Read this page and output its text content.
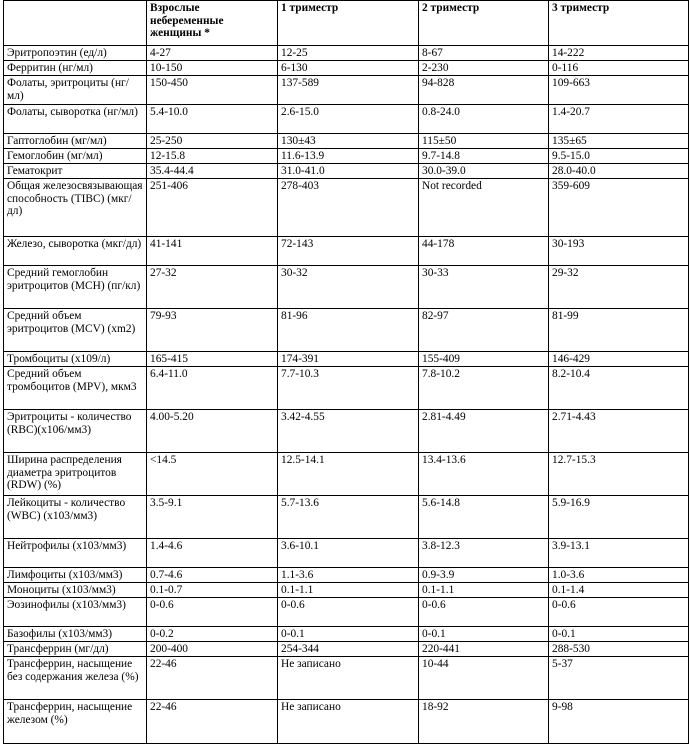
	Взрослые небеременные женщины *	1 триместр	2 триместр	3 триместр
Эритропоэтин (ед/л)	4-27	12-25	8-67	14-222
Ферритин (нг/мл)	10-150	6-130	2-230	0-116
Фолаты, эритроциты (нг/мл)	150-450	137-589	94-828	109-663
Фолаты, сыворотка (нг/мл)	5.4-10.0	2.6-15.0	0.8-24.0	1.4-20.7
Гаптоглобин (мг/мл)	25-250	130±43	115±50	135±65
Гемоглобин (мг/мл)	12-15.8	11.6-13.9	9.7-14.8	9.5-15.0
Гематокрит	35.4-44.4	31.0-41.0	30.0-39.0	28.0-40.0
Общая железосвязывающая способность (TIBC) (мкг/дл)	251-406	278-403	Not recorded	359-609
Железо, сыворотка (мкг/дл)	41-141	72-143	44-178	30-193
Средний гемоглобин эритроцитов (MCH) (пг/кл)	27-32	30-32	30-33	29-32
Средний объем эритроцитов (MCV) (хm2)	79-93	81-96	82-97	81-99
Тромбоциты (x109/л)	165-415	174-391	155-409	146-429
Средний объем тромбоцитов (MPV), мкм3	6.4-11.0	7.7-10.3	7.8-10.2	8.2-10.4
Эритроциты - количество (RBC)(x106/мм3)	4.00-5.20	3.42-4.55	2.81-4.49	2.71-4.43
Ширина распределения диаметра эритроцитов (RDW) (%)	<14.5	12.5-14.1	13.4-13.6	12.7-15.3
Лейкоциты - количество (WBC) (x103/мм3)	3.5-9.1	5.7-13.6	5.6-14.8	5.9-16.9
Нейтрофилы (x103/мм3)	1.4-4.6	3.6-10.1	3.8-12.3	3.9-13.1
Лимфоциты (x103/мм3)	0.7-4.6	1.1-3.6	0.9-3.9	1.0-3.6
Моноциты (x103/мм3)	0.1-0.7	0.1-1.1	0.1-1.1	0.1-1.4
Эозинофилы (x103/мм3)	0-0.6	0-0.6	0-0.6	0-0.6
Базофилы (x103/мм3)	0-0.2	0-0.1	0-0.1	0-0.1
Трансферрин (мг/дл)	200-400	254-344	220-441	288-530
Трансферрин, насыщение без содержания железа (%)	22-46	Не записано	10-44	5-37
Трансферрин, насыщение железом (%)	22-46	Не записано	18-92	9-98
